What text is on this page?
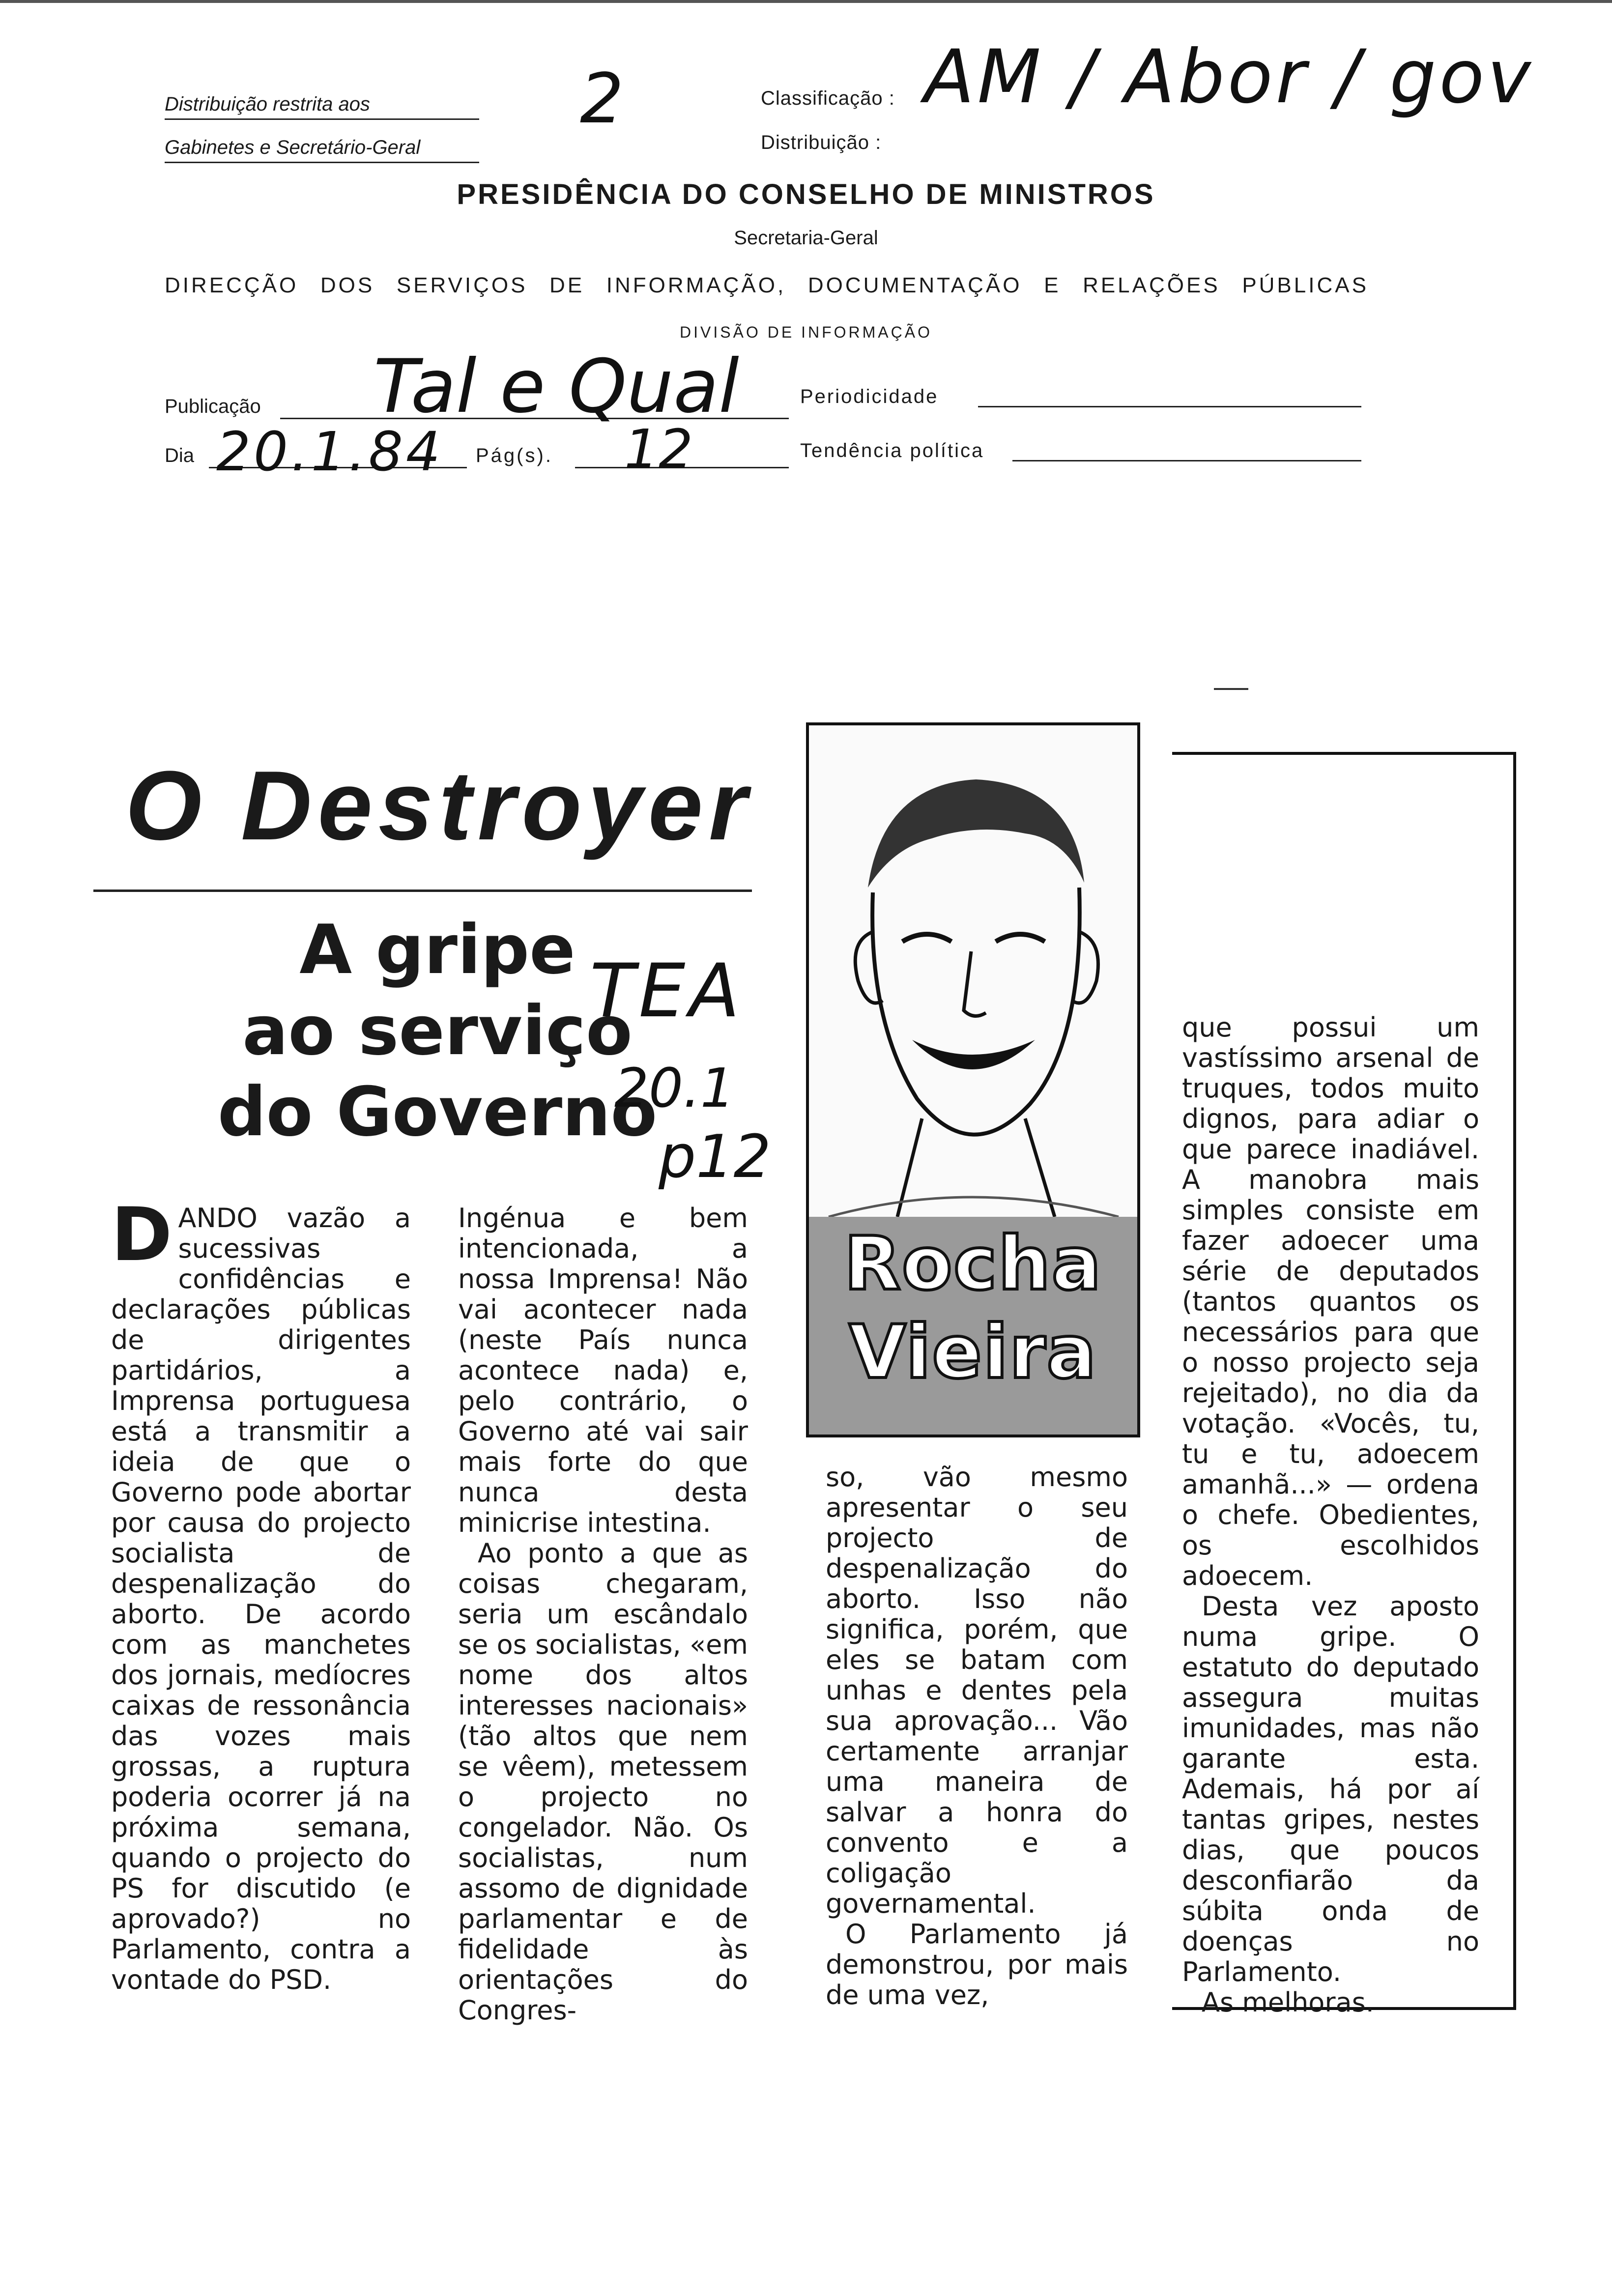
Distribuição restrita aos
Gabinetes e Secretário-Geral
2	Classificação : AM / Abor / gov
Distribuição :
PRESIDÊNCIA DO CONSELHO DE MINISTROS
Secretaria-Geral
DIRECÇÃO DOS SERVIÇOS DE INFORMAÇÃO, DOCUMENTAÇÃO E RELAÇÕES PÚBLICAS
DIVISÃO DE INFORMAÇÃO
Publicação Tal e Qual	Periodicidade
Dia 20.1.84 Pág(s). 12	Tendência política
O Destroyer
A gripe
ao serviço
do Governo
TEA
20.1
p12
Rocha
Vieira
D ANDO vazão a sucessivas confidências e declarações públicas de dirigentes partidários, a Imprensa portuguesa está a transmitir a ideia de que o Governo pode abortar por causa do projecto socialista de despenalização do aborto. De acordo com as manchetes dos jornais, medíocres caixas de ressonância das vozes mais grossas, a ruptura poderia ocorrer já na próxima semana, quando o projecto do PS for discutido (e aprovado?) no Parlamento, contra a vontade do PSD.

Ingénua e bem intencionada, a nossa Imprensa! Não vai acontecer nada (neste País nunca acontece nada) e, pelo contrário, o Governo até vai sair mais forte do que nunca desta minicrise intestina.

Ao ponto a que as coisas chegaram, seria um escândalo se os socialistas, «em nome dos altos interesses nacionais» (tão altos que nem se vêem), metessem o projecto no congelador. Não. Os socialistas, num assomo de dignidade parlamentar e de fidelidade às orientações do Congres-

so, vão mesmo apresentar o seu projecto de despenalização do aborto. Isso não significa, porém, que eles se batam com unhas e dentes pela sua aprovação... Vão certamente arranjar uma maneira de salvar a honra do convento e a coligação governamental.

O Parlamento já demonstrou, por mais de uma vez,

que possui um vastíssimo arsenal de truques, todos muito dignos, para adiar o que parece inadiável. A manobra mais simples consiste em fazer adoecer uma série de deputados (tantos quantos os necessários para que o nosso projecto seja rejeitado), no dia da votação. «Vocês, tu, tu e tu, adoecem amanhã...» — ordena o chefe. Obedientes, os escolhidos adoecem.

Desta vez aposto numa gripe. O estatuto do deputado assegura muitas imunidades, mas não garante esta. Ademais, há por aí tantas gripes, nestes dias, que poucos desconfiarão da súbita onda de doenças no Parlamento.

As melhoras.
